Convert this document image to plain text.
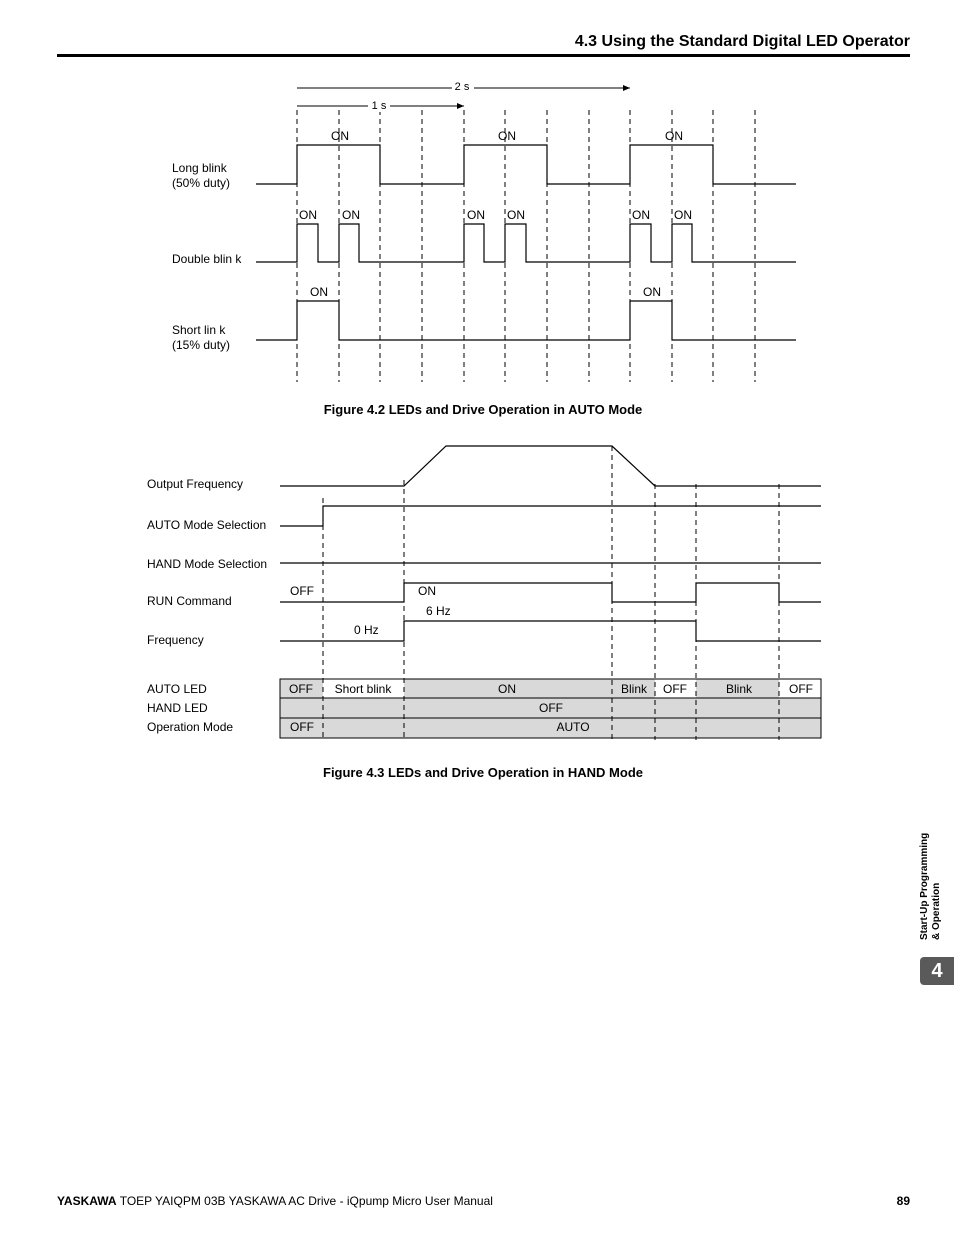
4.3 Using the Standard Digital LED Operator
2 s
1 s
Long blink
(50% duty)
ON	ON	ON
Double blin k
ON ON	ON ON	ON ON
Short lin k
(15% duty)
ON	ON
Figure 4.2 LEDs and Drive Operation in AUTO Mode
Output Frequency
AUTO Mode Selection
HAND Mode Selection
RUN Command
Frequency
OFF	ON
6 Hz
0 Hz
AUTO LED
HAND LED
Operation Mode
OFF Short blink	ON	Blink OFF	Blink	OFF
OFF
OFF	AUTO
Figure 4.3 LEDs and Drive Operation in HAND Mode
Start-Up Programming & Operation
4
YASKAWA TOEP YAIQPM 03B YASKAWA AC Drive - iQpump Micro User Manual	89
